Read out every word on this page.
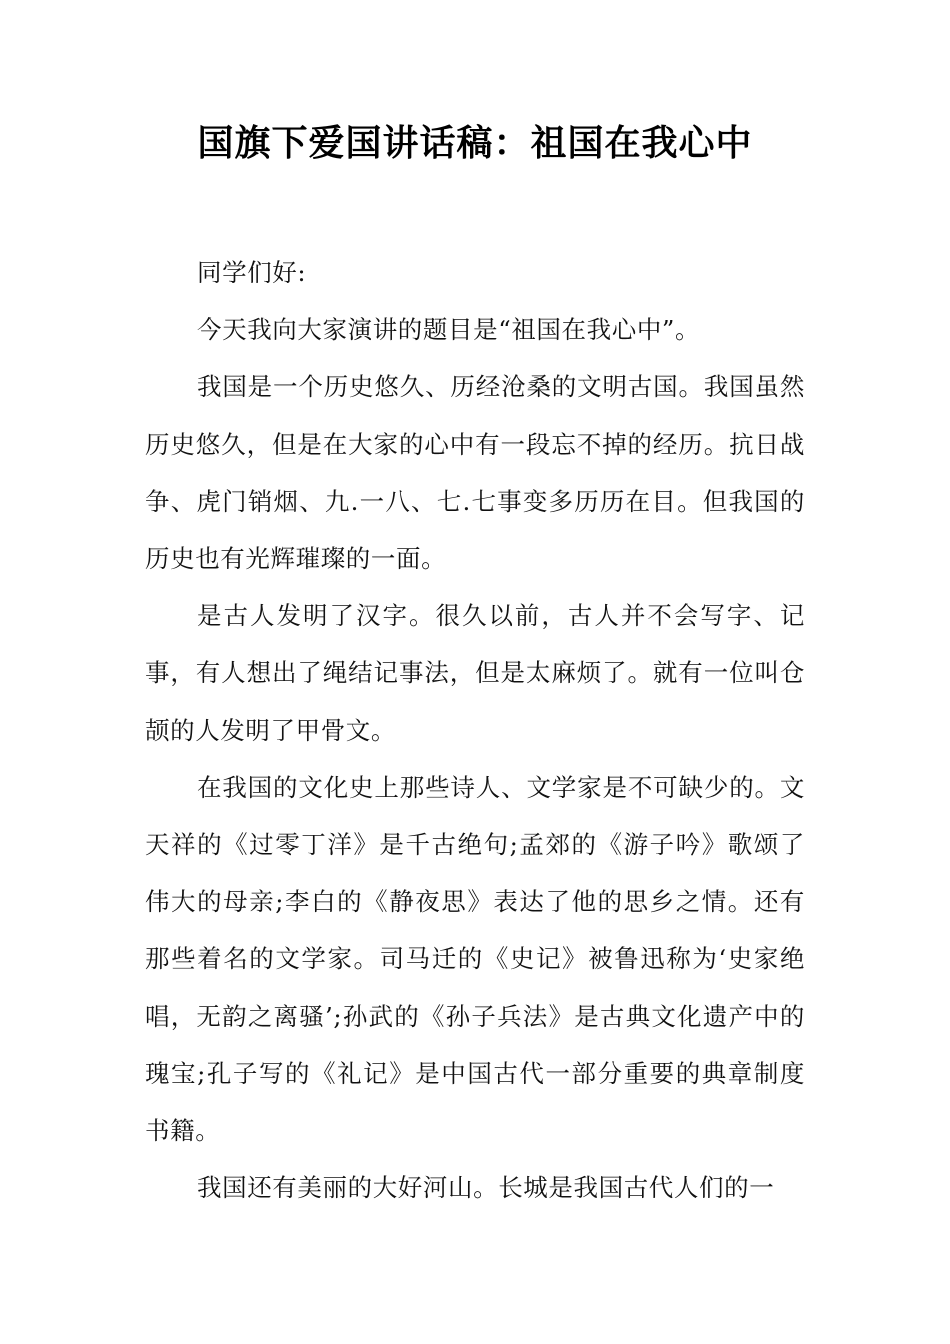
国旗下爱国讲话稿：祖国在我心中

同学们好:

今天我向大家演讲的题目是“祖国在我心中”。

我国是一个历史悠久、历经沧桑的文明古国。我国虽然历史悠久，但是在大家的心中有一段忘不掉的经历。抗日战争、虎门销烟、九.一八、七.七事变多历历在目。但我国的历史也有光辉璀璨的一面。

是古人发明了汉字。很久以前，古人并不会写字、记事，有人想出了绳结记事法，但是太麻烦了。就有一位叫仓颉的人发明了甲骨文。

在我国的文化史上那些诗人、文学家是不可缺少的。文天祥的《过零丁洋》是千古绝句;孟郊的《游子吟》歌颂了伟大的母亲;李白的《静夜思》表达了他的思乡之情。还有那些着名的文学家。司马迁的《史记》被鲁迅称为‘史家绝唱，无韵之离骚’;孙武的《孙子兵法》是古典文化遗产中的瑰宝;孔子写的《礼记》是中国古代一部分重要的典章制度书籍。

我国还有美丽的大好河山。长城是我国古代人们的一
